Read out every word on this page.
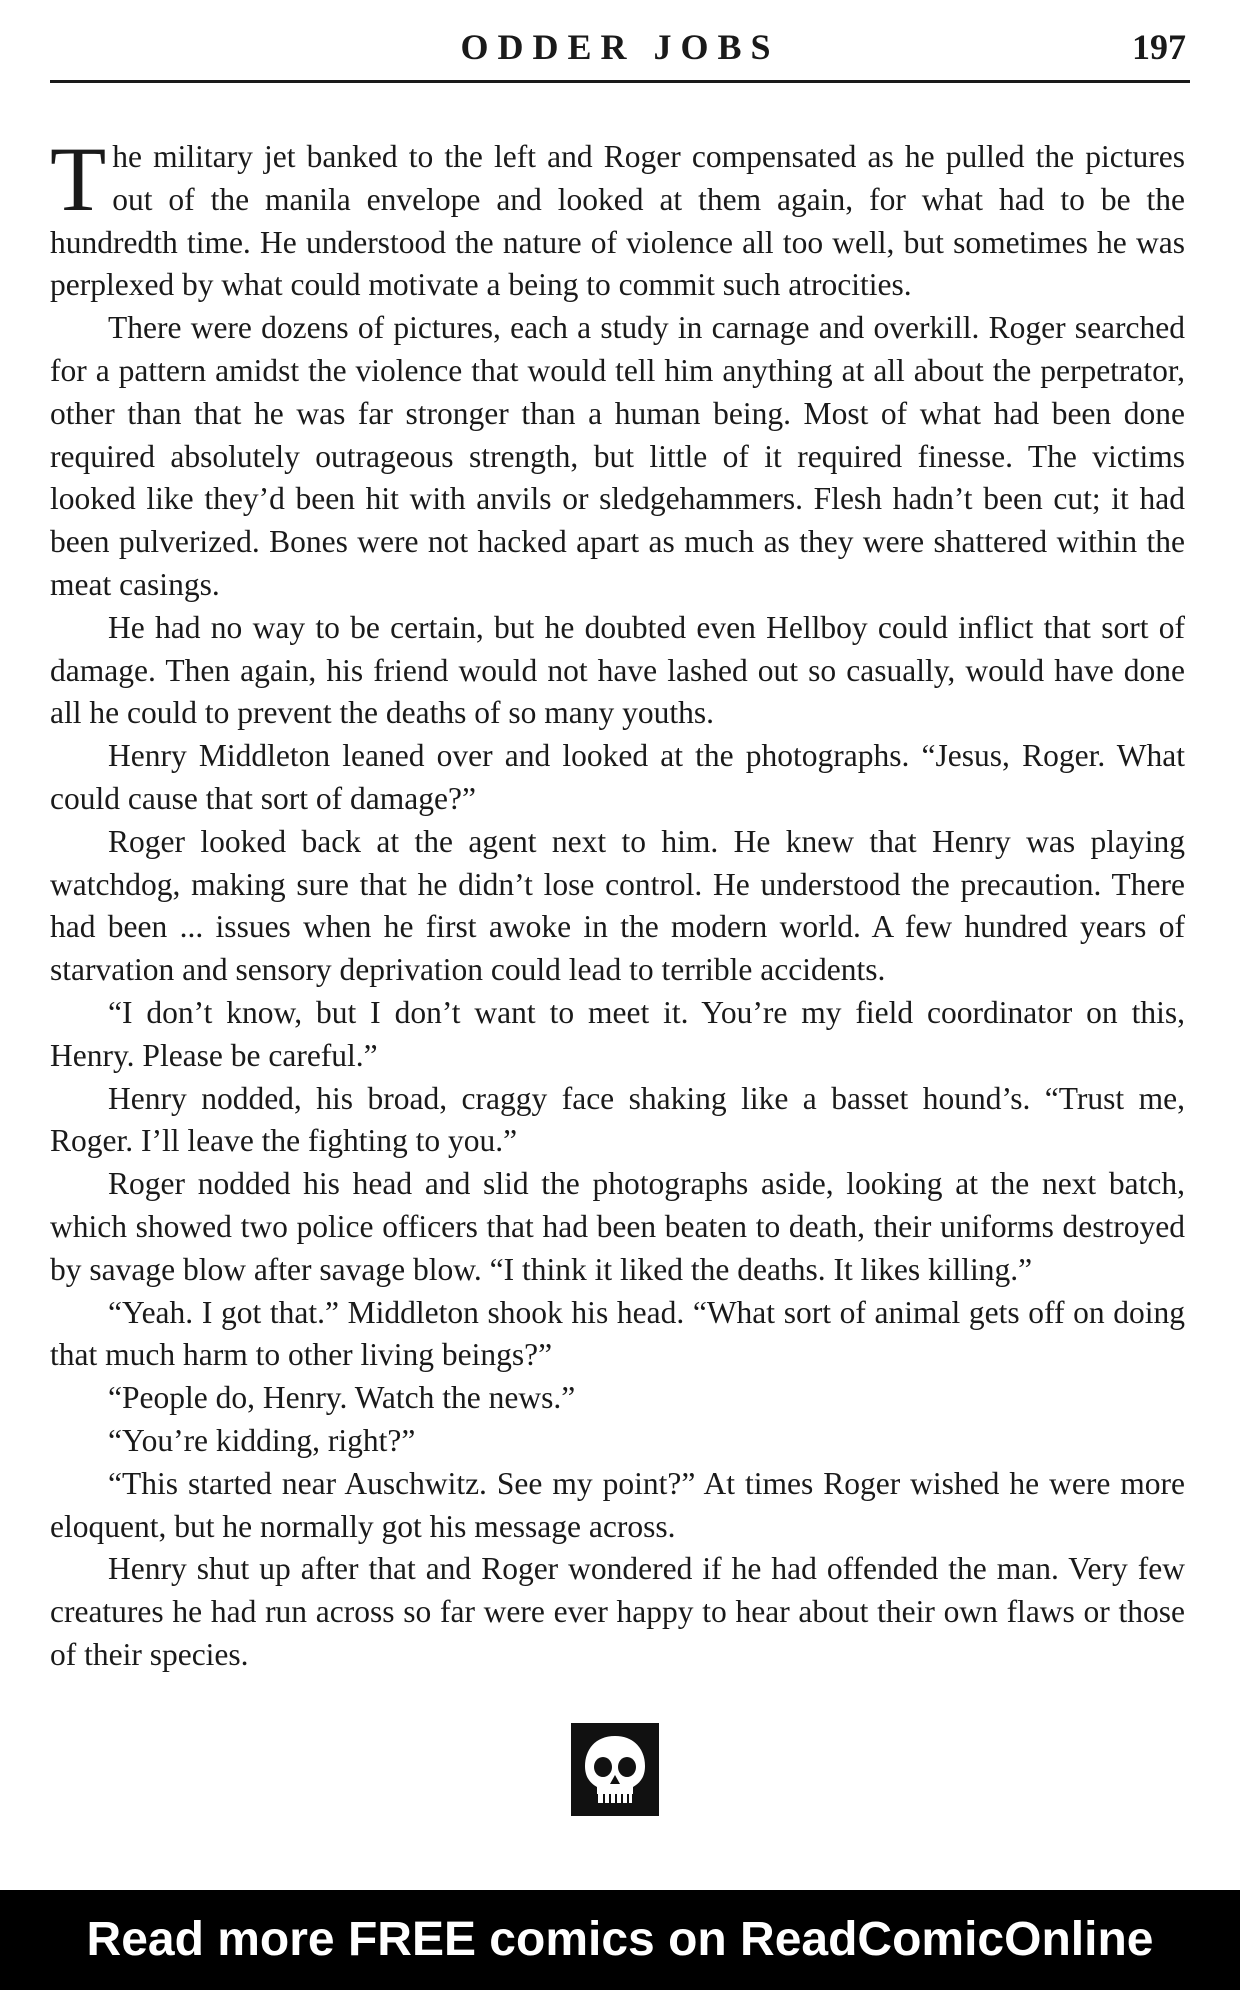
ODDER JOBS	197

The military jet banked to the left and Roger compensated as he pulled the pictures out of the manila envelope and looked at them again, for what had to be the hundredth time. He understood the nature of violence all too well, but sometimes he was perplexed by what could motivate a being to commit such atrocities.

There were dozens of pictures, each a study in carnage and overkill. Roger searched for a pattern amidst the violence that would tell him anything at all about the perpetrator, other than that he was far stronger than a human being. Most of what had been done required absolutely outrageous strength, but little of it required finesse. The victims looked like they’d been hit with anvils or sledgehammers. Flesh hadn’t been cut; it had been pulverized. Bones were not hacked apart as much as they were shattered within the meat casings.

He had no way to be certain, but he doubted even Hellboy could inflict that sort of damage. Then again, his friend would not have lashed out so casually, would have done all he could to prevent the deaths of so many youths.

Henry Middleton leaned over and looked at the photographs. “Jesus, Roger. What could cause that sort of damage?”

Roger looked back at the agent next to him. He knew that Henry was playing watchdog, making sure that he didn’t lose control. He understood the precaution. There had been ... issues when he first awoke in the modern world. A few hundred years of starvation and sensory deprivation could lead to terrible accidents.

“I don’t know, but I don’t want to meet it. You’re my field coordinator on this, Henry. Please be careful.”

Henry nodded, his broad, craggy face shaking like a basset hound’s. “Trust me, Roger. I’ll leave the fighting to you.”

Roger nodded his head and slid the photographs aside, looking at the next batch, which showed two police officers that had been beaten to death, their uniforms destroyed by savage blow after savage blow. “I think it liked the deaths. It likes killing.”

“Yeah. I got that.” Middleton shook his head. “What sort of animal gets off on doing that much harm to other living beings?”

“People do, Henry. Watch the news.”

“You’re kidding, right?”

“This started near Auschwitz. See my point?” At times Roger wished he were more eloquent, but he normally got his message across.

Henry shut up after that and Roger wondered if he had offended the man. Very few creatures he had run across so far were ever happy to hear about their own flaws or those of their species.

Read more FREE comics on ReadComicOnline
